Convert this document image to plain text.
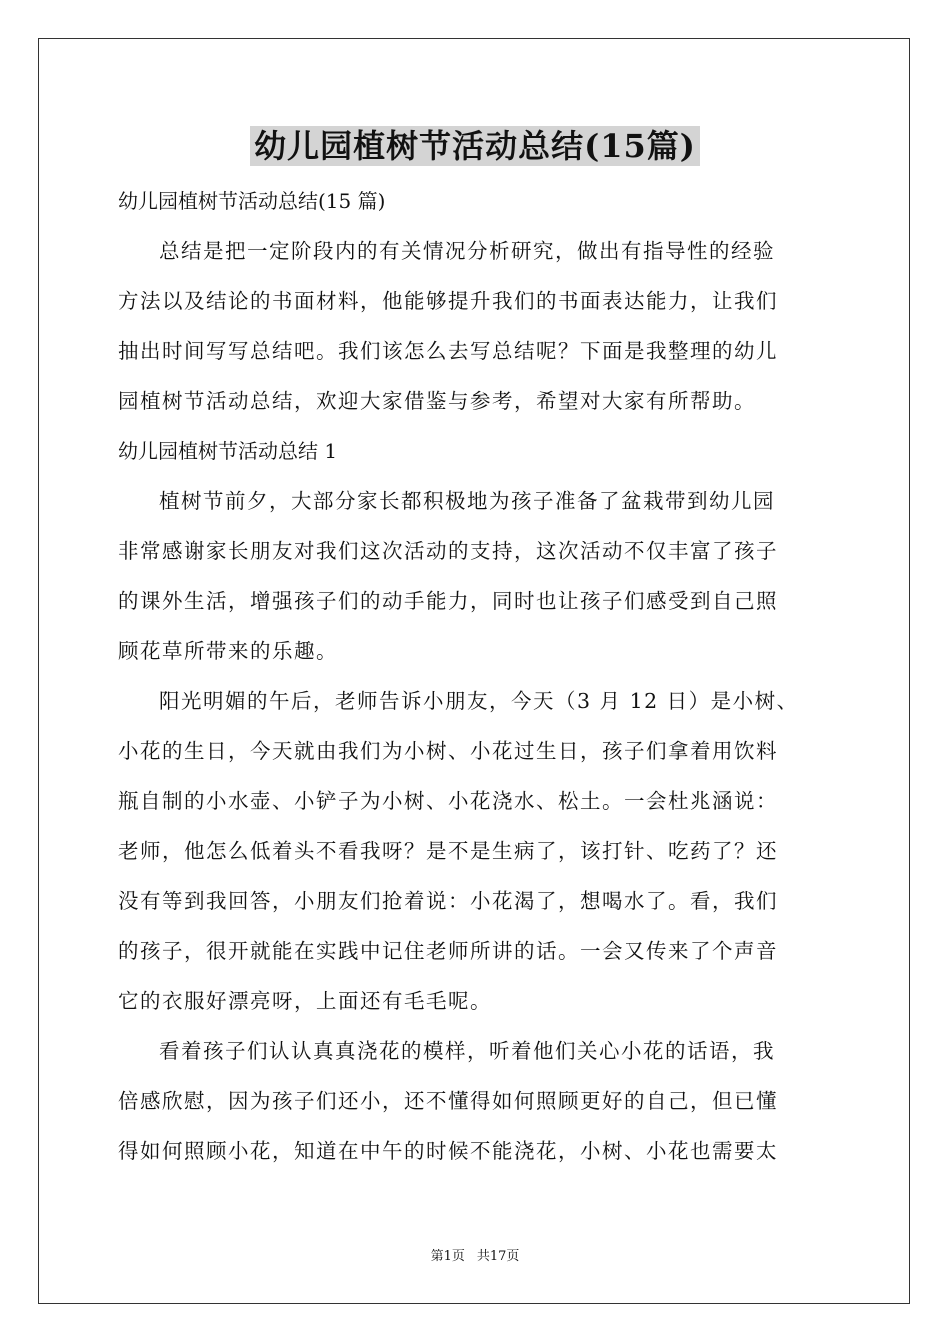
幼儿园植树节活动总结(15篇)

幼儿园植树节活动总结(15 篇)

总结是把一定阶段内的有关情况分析研究，做出有指导性的经验
方法以及结论的书面材料，他能够提升我们的书面表达能力，让我们
抽出时间写写总结吧。我们该怎么去写总结呢？下面是我整理的幼儿
园植树节活动总结，欢迎大家借鉴与参考，希望对大家有所帮助。

幼儿园植树节活动总结 1

植树节前夕，大部分家长都积极地为孩子准备了盆栽带到幼儿园
非常感谢家长朋友对我们这次活动的支持，这次活动不仅丰富了孩子
的课外生活，增强孩子们的动手能力，同时也让孩子们感受到自己照
顾花草所带来的乐趣。

阳光明媚的午后，老师告诉小朋友，今天（3 月 12 日）是小树、
小花的生日，今天就由我们为小树、小花过生日，孩子们拿着用饮料
瓶自制的小水壶、小铲子为小树、小花浇水、松土。一会杜兆涵说：
老师，他怎么低着头不看我呀？是不是生病了，该打针、吃药了？还
没有等到我回答，小朋友们抢着说：小花渴了，想喝水了。看，我们
的孩子，很开就能在实践中记住老师所讲的话。一会又传来了个声音
它的衣服好漂亮呀，上面还有毛毛呢。

看着孩子们认认真真浇花的模样，听着他们关心小花的话语，我
倍感欣慰，因为孩子们还小，还不懂得如何照顾更好的自己，但已懂
得如何照顾小花，知道在中午的时候不能浇花，小树、小花也需要太

第1页 共17页
